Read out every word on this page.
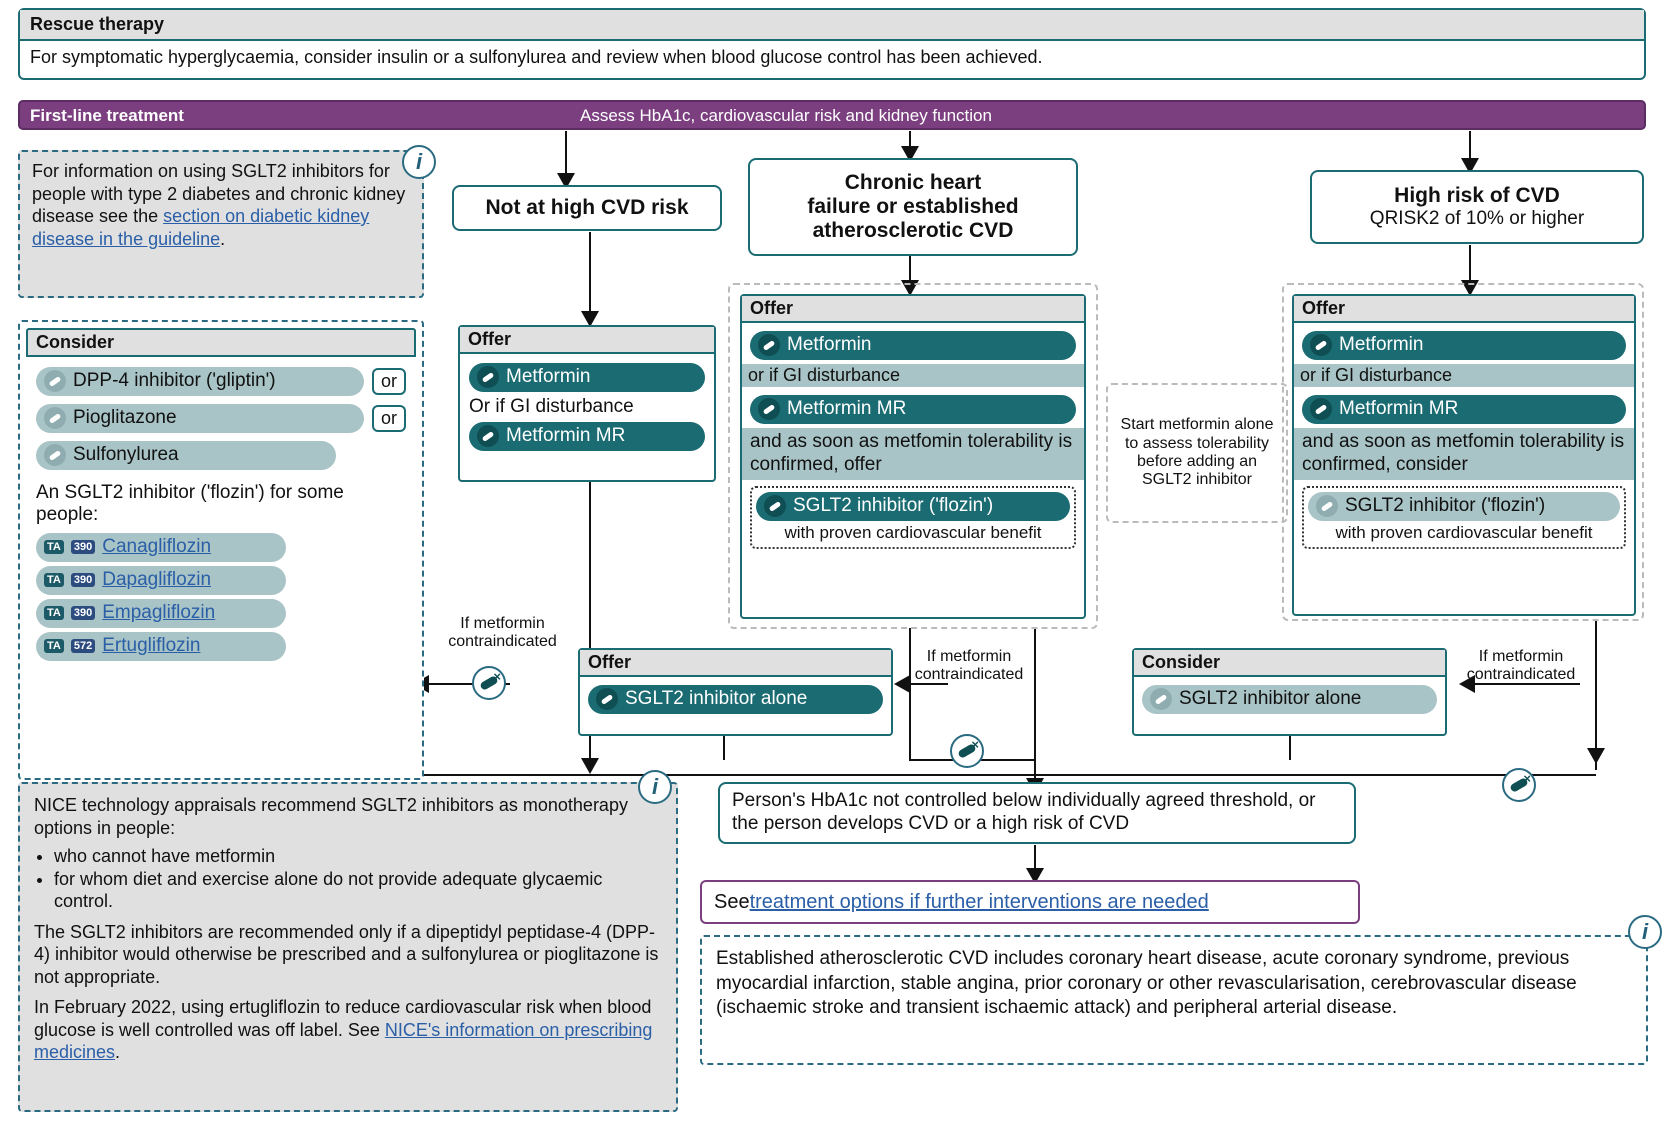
Rescue therapy
For symptomatic hyperglycaemia, consider insulin or a sulfonylurea and review when blood glucose control has been achieved.
First-line treatment	Assess HbA1c, cardiovascular risk and kidney function
For information on using SGLT2 inhibitors for people with type 2 diabetes and chronic kidney disease see the section on diabetic kidney disease in the guideline.
i
Consider
DPP-4 inhibitor ('gliptin')	or
Pioglitazone	or
Sulfonylurea
An SGLT2 inhibitor ('flozin') for some people:
TA 390 Canagliflozin
TA 390 Dapagliflozin
TA 390 Empagliflozin
TA 572 Ertugliflozin
NICE technology appraisals recommend SGLT2 inhibitors as monotherapy options in people:
• who cannot have metformin
• for whom diet and exercise alone do not provide adequate glycaemic control.
The SGLT2 inhibitors are recommended only if a dipeptidyl peptidase-4 (DPP-4) inhibitor would otherwise be prescribed and a sulfonylurea or pioglitazone is not appropriate.
In February 2022, using ertugliflozin to reduce cardiovascular risk when blood glucose is well controlled was off label. See NICE's information on prescribing medicines.
i
Not at high CVD risk
Offer
Metformin
Or if GI disturbance
Metformin MR
Chronic heart
failure or established
atherosclerotic CVD
Offer
Metformin
or if GI disturbance
Metformin MR
and as soon as metfomin tolerability is confirmed, offer
SGLT2 inhibitor ('flozin')
with proven cardiovascular benefit
Start metformin alone to assess tolerability before adding an SGLT2 inhibitor
High risk of CVD
QRISK2 of 10% or higher
Offer
Metformin
or if GI disturbance
Metformin MR
and as soon as metfomin tolerability is confirmed, consider
SGLT2 inhibitor ('flozin')
with proven cardiovascular benefit
Offer
SGLT2 inhibitor alone
Consider
SGLT2 inhibitor alone
If metformin contraindicated
×
If metformin contraindicated
×
If metformin contraindicated
×
Person's HbA1c not controlled below individually agreed threshold, or the person develops CVD or a high risk of CVD
See treatment options if further interventions are needed
Established atherosclerotic CVD includes coronary heart disease, acute coronary syndrome, previous myocardial infarction, stable angina, prior coronary or other revascularisation, cerebrovascular disease (ischaemic stroke and transient ischaemic attack) and peripheral arterial disease.
i
